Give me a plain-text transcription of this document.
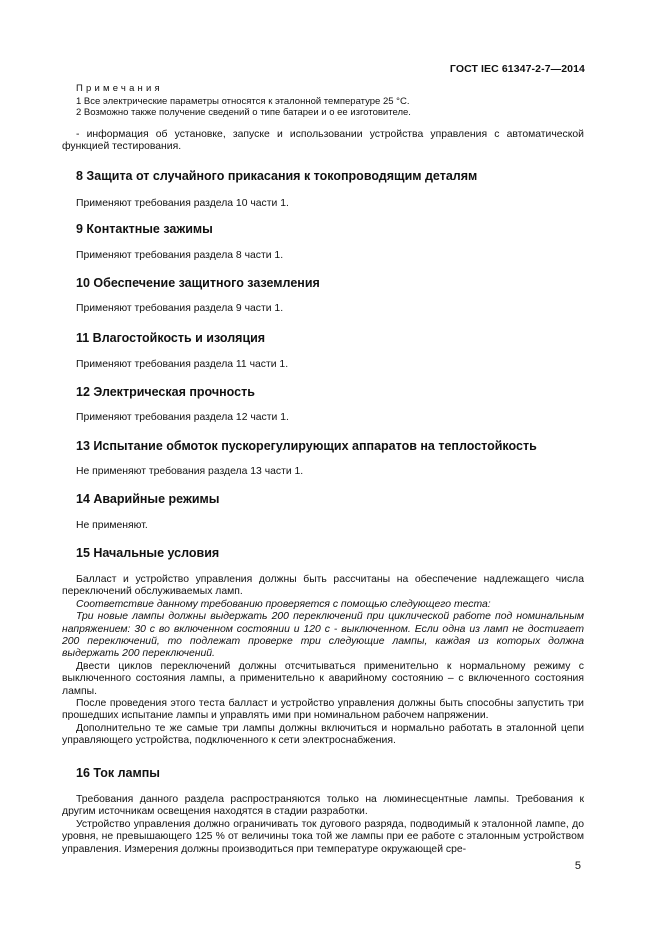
ГОСТ IEC 61347-2-7—2014
Примечания
1 Все электрические параметры относятся к эталонной температуре 25 °С.
2 Возможно также получение сведений о типе батареи и о ее изготовителе.
- информация об установке, запуске и использовании устройства управления с автоматической функцией тестирования.
8 Защита от случайного прикасания к токопроводящим деталям
Применяют требования раздела 10 части 1.
9 Контактные зажимы
Применяют требования раздела 8 части 1.
10 Обеспечение защитного заземления
Применяют требования раздела 9 части 1.
11 Влагостойкость и изоляция
Применяют требования раздела 11 части 1.
12 Электрическая прочность
Применяют требования раздела 12 части 1.
13 Испытание обмоток пускорегулирующих аппаратов на теплостойкость
Не применяют требования раздела 13 части 1.
14 Аварийные режимы
Не применяют.
15 Начальные условия
Балласт и устройство управления должны быть рассчитаны на обеспечение надлежащего числа переключений обслуживаемых ламп.
Соответствие данному требованию проверяется с помощью следующего теста:
Три новые лампы должны выдержать 200 переключений при циклической работе под номинальным напряжением: 30 с во включенном состоянии и 120 с - выключенном. Если одна из ламп не достигает 200 переключений, то подлежат проверке три следующие лампы, каждая из которых должна выдержать 200 переключений.
Двести циклов переключений должны отсчитываться применительно к нормальному режиму с выключенного состояния лампы, а применительно к аварийному состоянию – с включенного состояния лампы.
После проведения этого теста балласт и устройство управления должны быть способны запустить три прошедших испытание лампы и управлять ими при номинальном рабочем напряжении.
Дополнительно те же самые три лампы должны включиться и нормально работать в эталонной цепи управляющего устройства, подключенного к сети электроснабжения.
16 Ток лампы
Требования данного раздела распространяются только на люминесцентные лампы. Требования к другим источникам освещения находятся в стадии разработки.
Устройство управления должно ограничивать ток дугового разряда, подводимый к эталонной лампе, до уровня, не превышающего 125 % от величины тока той же лампы при ее работе с эталонным устройством управления. Измерения должны производиться при температуре окружающей сре-
5
